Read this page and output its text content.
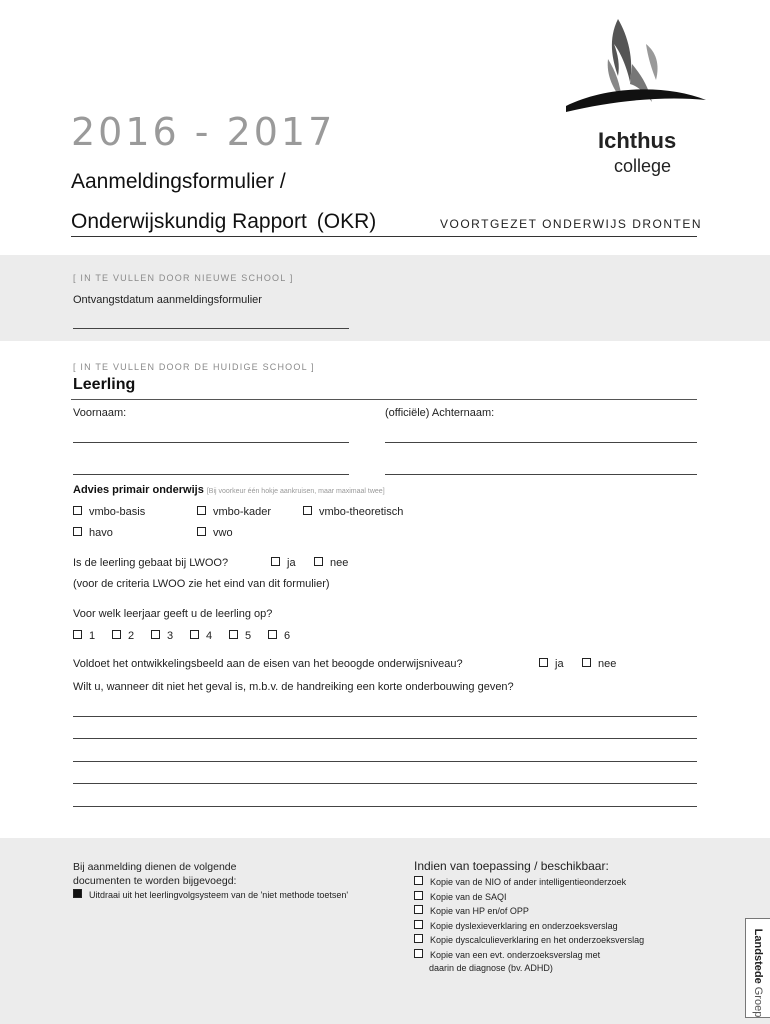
2016 - 2017
Aanmeldingsformulier /
Onderwijskundig Rapport (OKR)	VOORTGEZET ONDERWIJS DRONTEN
Ichthus
college
[ IN TE VULLEN DOOR NIEUWE SCHOOL ]
Ontvangstdatum aanmeldingsformulier
[ IN TE VULLEN DOOR DE HUIDIGE SCHOOL ]
Leerling
Voornaam:	(officiële) Achternaam:
Advies primair onderwijs [Bij voorkeur één hokje aankruisen, maar maximaal twee]
vmbo-basis	vmbo-kader	vmbo-theoretisch
havo	vwo
Is de leerling gebaat bij LWOO?	ja	nee
(voor de criteria LWOO zie het eind van dit formulier)
Voor welk leerjaar geeft u de leerling op?
1	2	3	4	5	6
Voldoet het ontwikkelingsbeeld aan de eisen van het beoogde onderwijsniveau?	ja	nee
Wilt u, wanneer dit niet het geval is, m.b.v. de handreiking een korte onderbouwing geven?
Bij aanmelding dienen de volgende
documenten te worden bijgevoegd:
Uitdraai uit het leerlingvolgsysteem van de 'niet methode toetsen'
Indien van toepassing / beschikbaar:
Kopie van de NIO of ander intelligentieonderzoek
Kopie van de SAQI
Kopie van HP en/of OPP
Kopie dyslexieverklaring en onderzoeksverslag
Kopie dyscalculieverklaring en het onderzoeksverslag
Kopie van een evt. onderzoeksverslag met
daarin de diagnose (bv. ADHD)	Landstede Groep
